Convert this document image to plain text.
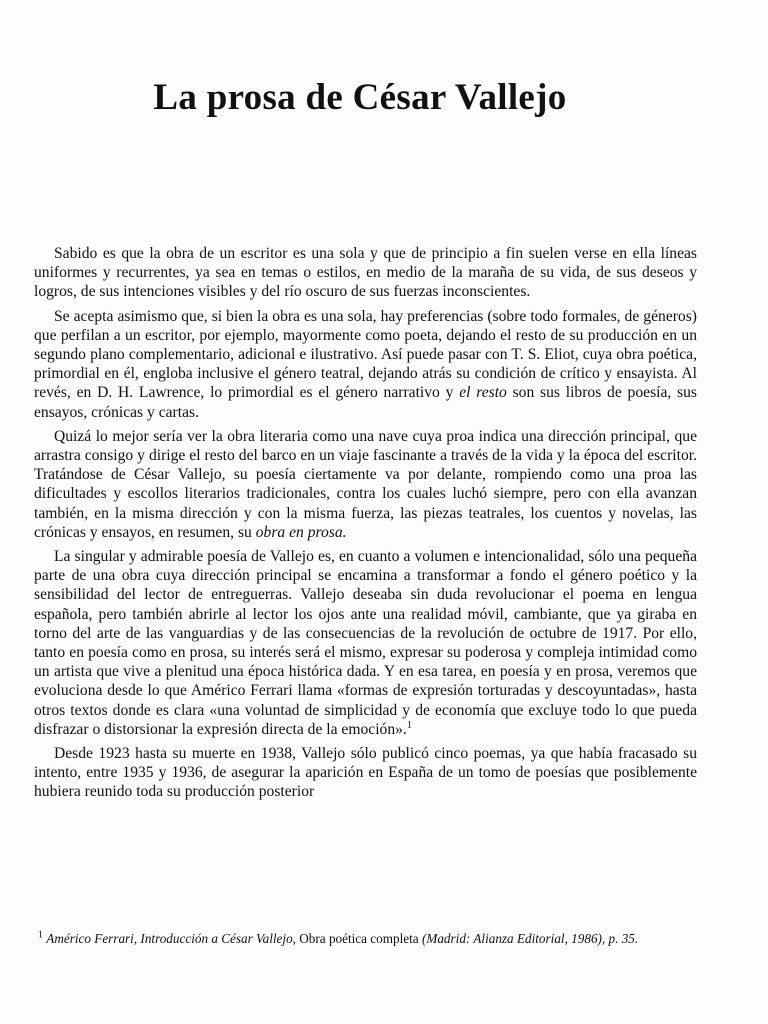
La prosa de César Vallejo

Sabido es que la obra de un escritor es una sola y que de principio a fin suelen verse en ella líneas uniformes y recurrentes, ya sea en temas o estilos, en medio de la maraña de su vida, de sus deseos y logros, de sus intenciones visibles y del río oscuro de sus fuerzas inconscientes.

Se acepta asimismo que, si bien la obra es una sola, hay preferencias (sobre todo formales, de géneros) que perfilan a un escritor, por ejemplo, mayormente como poeta, dejando el resto de su producción en un segundo plano complementario, adicional e ilustrativo. Así puede pasar con T. S. Eliot, cuya obra poética, primordial en él, engloba inclusive el género teatral, dejando atrás su condición de crítico y ensayista. Al revés, en D. H. Lawrence, lo primordial es el género narrativo y el resto son sus libros de poesía, sus ensayos, crónicas y cartas.

Quizá lo mejor sería ver la obra literaria como una nave cuya proa indica una dirección principal, que arrastra consigo y dirige el resto del barco en un viaje fascinante a través de la vida y la época del escritor. Tratándose de César Vallejo, su poesía ciertamente va por delante, rompiendo como una proa las dificultades y escollos literarios tradicionales, contra los cuales luchó siempre, pero con ella avanzan también, en la misma dirección y con la misma fuerza, las piezas teatrales, los cuentos y novelas, las crónicas y ensayos, en resumen, su obra en prosa.

La singular y admirable poesía de Vallejo es, en cuanto a volumen e intencionalidad, sólo una pequeña parte de una obra cuya dirección principal se encamina a transformar a fondo el género poético y la sensibilidad del lector de entreguerras. Vallejo deseaba sin duda revolucionar el poema en lengua española, pero también abrirle al lector los ojos ante una realidad móvil, cambiante, que ya giraba en torno del arte de las vanguardias y de las consecuencias de la revolución de octubre de 1917. Por ello, tanto en poesía como en prosa, su interés será el mismo, expresar su poderosa y compleja intimidad como un artista que vive a plenitud una época histórica dada. Y en esa tarea, en poesía y en prosa, veremos que evoluciona desde lo que Américo Ferrari llama «formas de expresión torturadas y descoyuntadas», hasta otros textos donde es clara «una voluntad de simplicidad y de economía que excluye todo lo que pueda disfrazar o distorsionar la expresión directa de la emoción».$^1$

Desde 1923 hasta su muerte en 1938, Vallejo sólo publicó cinco poemas, ya que había fracasado su intento, entre 1935 y 1936, de asegurar la aparición en España de un tomo de poesías que posiblemente hubiera reunido toda su producción posterior

$^1$ Américo Ferrari, Introducción a César Vallejo, Obra poética completa (Madrid: Alianza Editorial, 1986), p. 35.
